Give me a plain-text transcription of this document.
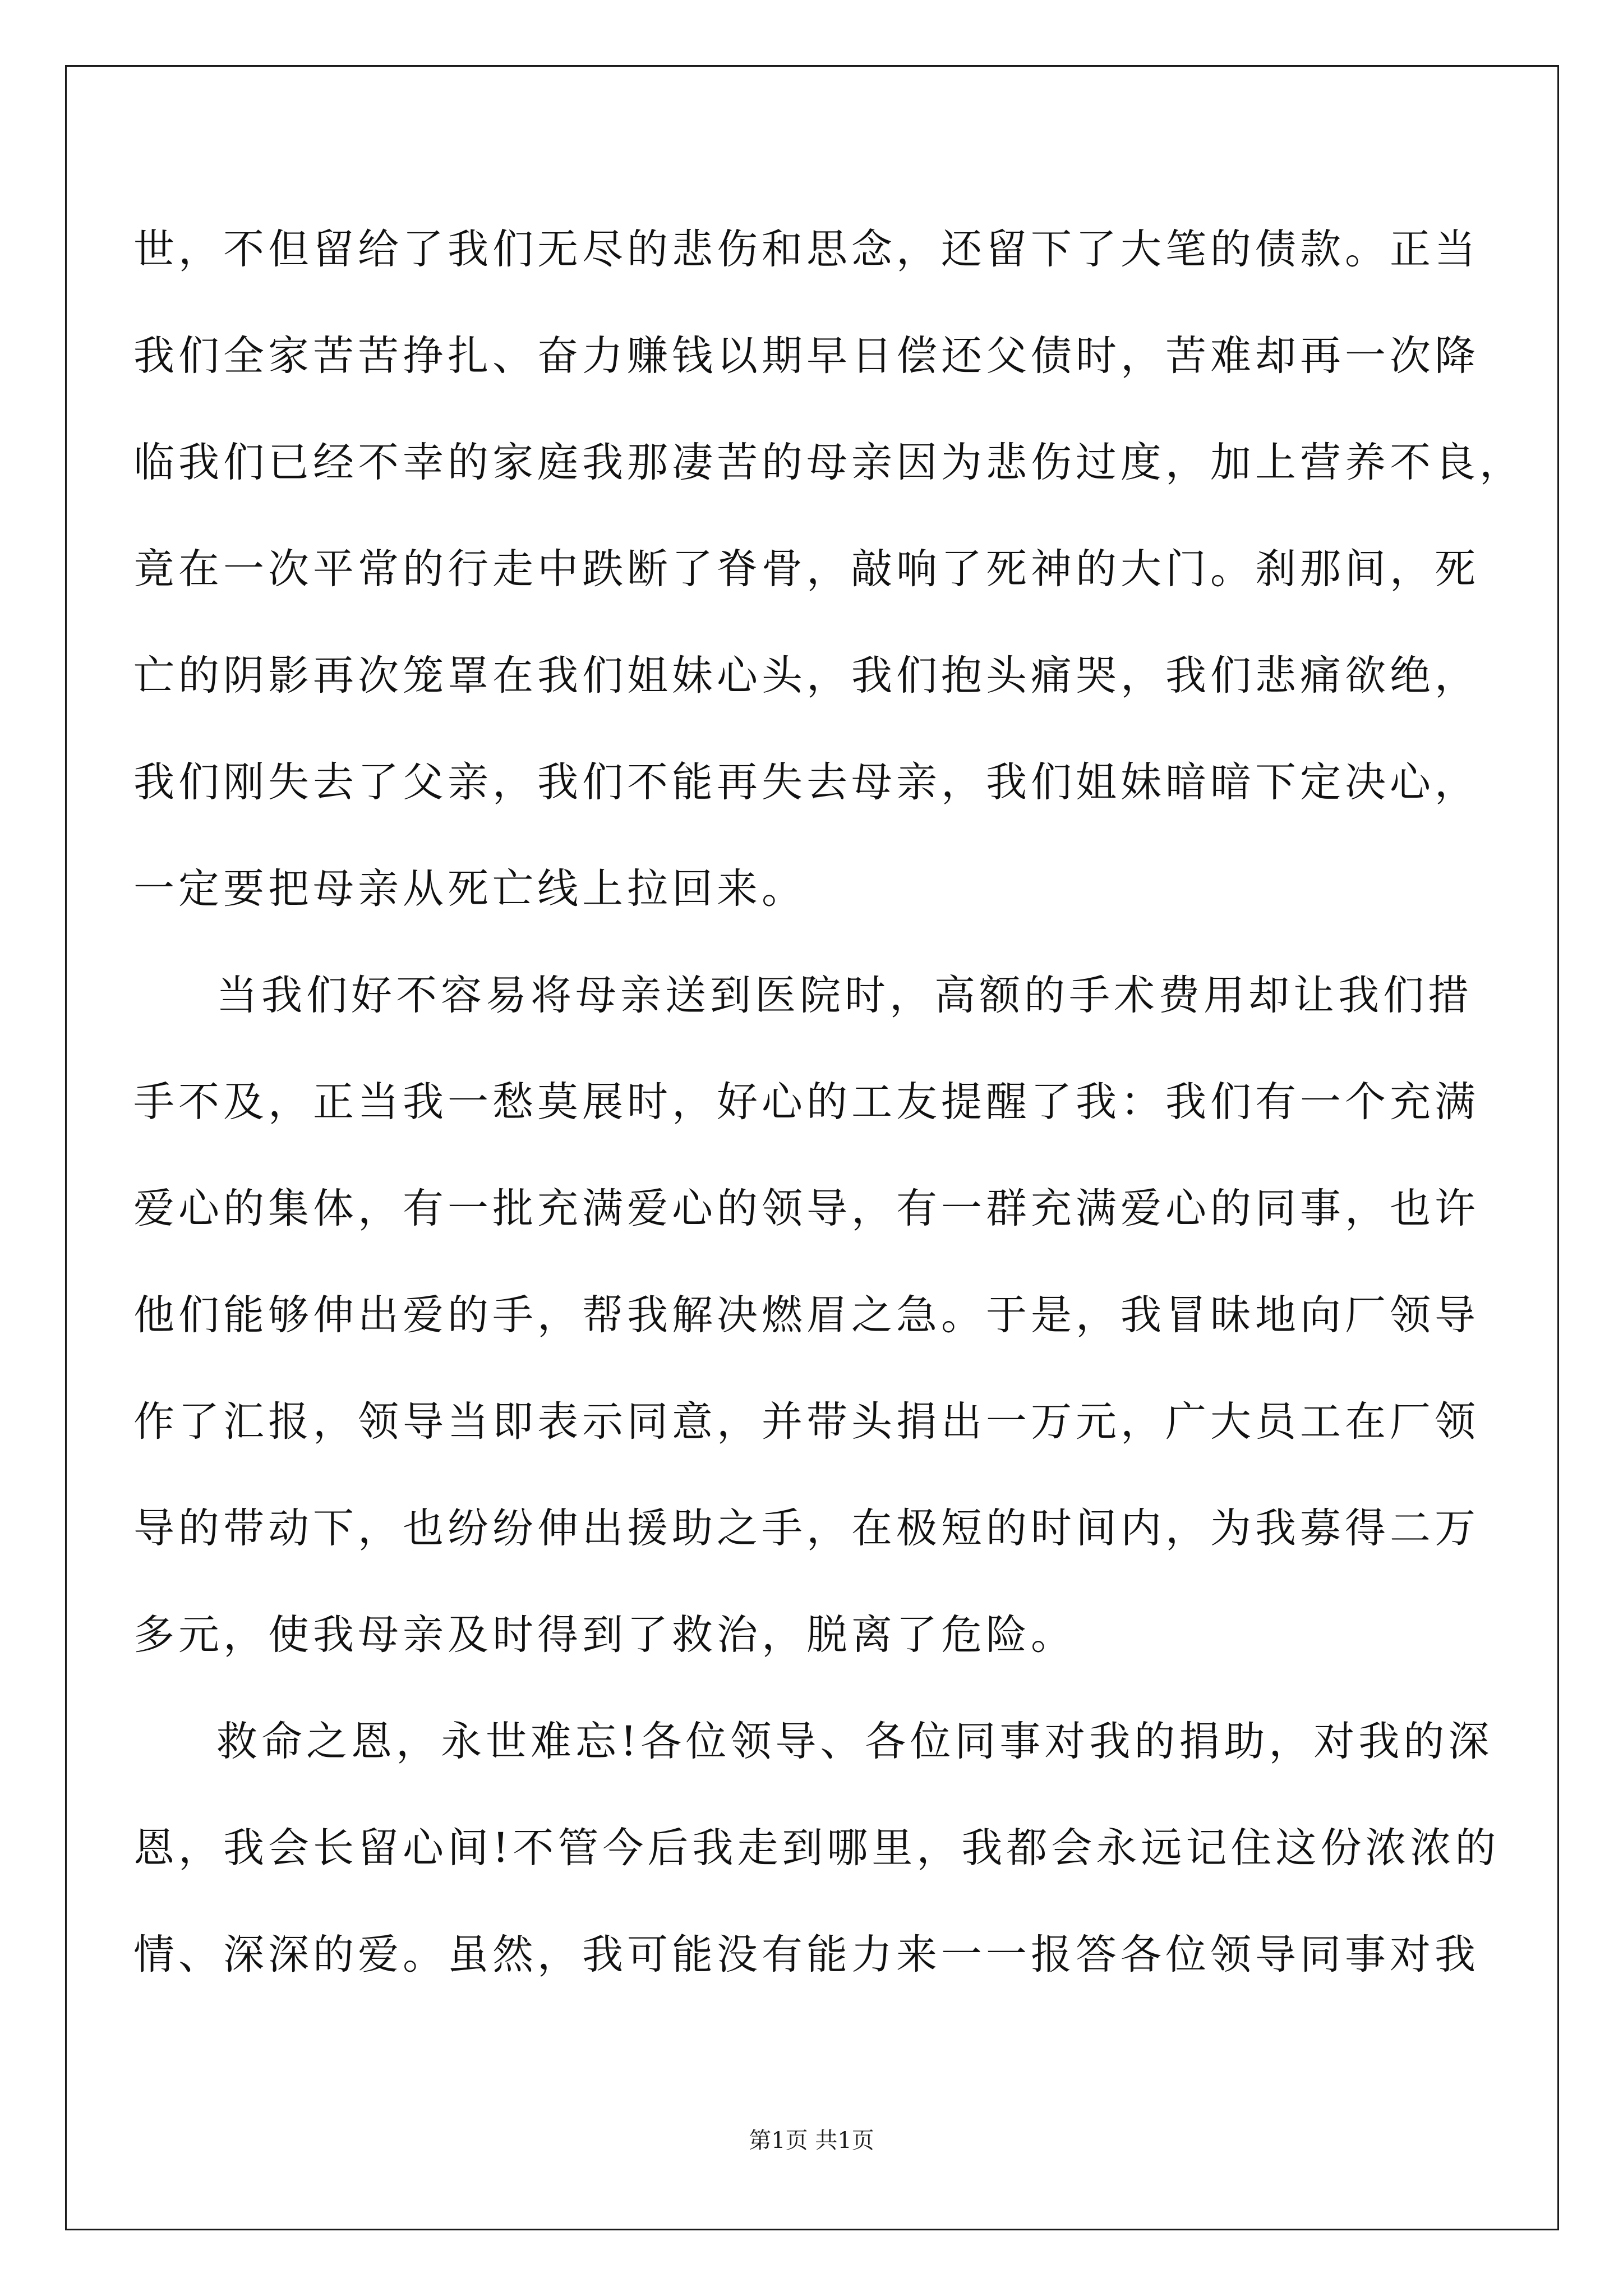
世，不但留给了我们无尽的悲伤和思念，还留下了大笔的债款。正当
我们全家苦苦挣扎、奋力赚钱以期早日偿还父债时，苦难却再一次降
临我们已经不幸的家庭我那凄苦的母亲因为悲伤过度，加上营养不良，
竟在一次平常的行走中跌断了脊骨，敲响了死神的大门。刹那间，死
亡的阴影再次笼罩在我们姐妹心头，我们抱头痛哭，我们悲痛欲绝，
我们刚失去了父亲，我们不能再失去母亲，我们姐妹暗暗下定决心，
一定要把母亲从死亡线上拉回来。
当我们好不容易将母亲送到医院时，高额的手术费用却让我们措
手不及，正当我一愁莫展时，好心的工友提醒了我：我们有一个充满
爱心的集体，有一批充满爱心的领导，有一群充满爱心的同事，也许
他们能够伸出爱的手，帮我解决燃眉之急。于是，我冒昧地向厂领导
作了汇报，领导当即表示同意，并带头捐出一万元，广大员工在厂领
导的带动下，也纷纷伸出援助之手，在极短的时间内，为我募得二万
多元，使我母亲及时得到了救治，脱离了危险。
救命之恩，永世难忘!各位领导、各位同事对我的捐助，对我的深
恩，我会长留心间!不管今后我走到哪里，我都会永远记住这份浓浓的
情、深深的爱。虽然，我可能没有能力来一一报答各位领导同事对我
第1页 共1页
